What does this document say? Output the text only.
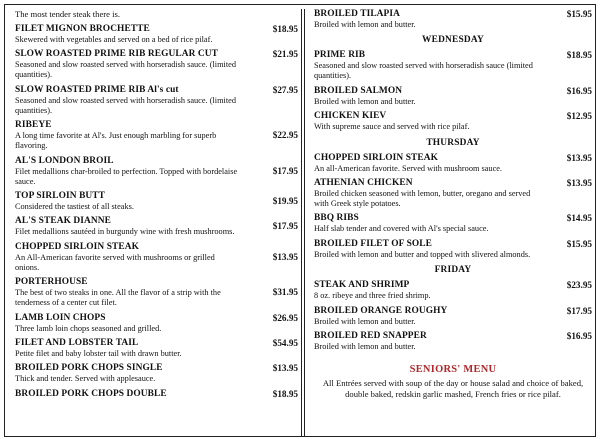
The most tender steak there is.
FILET MIGNON BROCHETTE	$18.95
Skewered with vegetables and served on a bed of rice pilaf.
SLOW ROASTED PRIME RIB REGULAR CUT	$21.95
Seasoned and slow roasted served with horseradish sauce. (limited quantities).
SLOW ROASTED PRIME RIB Al's cut	$27.95
Seasoned and slow roasted served with horseradish sauce. (limited quantities).
RIBEYE
A long time favorite at Al's. Just enough marbling for superb flavoring.
$22.95
AL'S LONDON BROIL
Filet medallions char-broiled to perfection. Topped with bordelaise sauce.
$17.95
TOP SIRLOIN BUTT
Considered the tastiest of all steaks.
$19.95
AL'S STEAK DIANNE
Filet medallions sautéed in burgundy wine with fresh mushrooms.
$17.95
CHOPPED SIRLOIN STEAK
An All-American favorite served with mushrooms or grilled onions.
$13.95
PORTERHOUSE
The best of two steaks in one. All the flavor of a strip with the tenderness of a center cut filet.
$31.95
LAMB LOIN CHOPS	$26.95
Three lamb loin chops seasoned and grilled.
FILET AND LOBSTER TAIL	$54.95
Petite filet and baby lobster tail with drawn butter.
BROILED PORK CHOPS SINGLE	$13.95
Thick and tender. Served with applesauce.
BROILED PORK CHOPS DOUBLE	$18.95
BROILED TILAPIA	$15.95
Broiled with lemon and butter.
WEDNESDAY
PRIME RIB	$18.95
Seasoned and slow roasted served with horseradish sauce (limited quantities).
BROILED SALMON	$16.95
Broiled with lemon and butter.
CHICKEN KIEV	$12.95
With supreme sauce and served with rice pilaf.
THURSDAY
CHOPPED SIRLOIN STEAK	$13.95
An all-American favorite. Served with mushroom sauce.
ATHENIAN CHICKEN	$13.95
Broiled chicken seasoned with lemon, butter, oregano and served with Greek style potatoes.
BBQ RIBS	$14.95
Half slab tender and covered with Al's special sauce.
BROILED FILET OF SOLE	$15.95
Broiled with lemon and butter and topped with slivered almonds.
FRIDAY
STEAK AND SHRIMP	$23.95
8 oz. ribeye and three fried shrimp.
BROILED ORANGE ROUGHY	$17.95
Broiled with lemon and butter.
BROILED RED SNAPPER	$16.95
Broiled with lemon and butter.
SENIORS' MENU
All Entrées served with soup of the day or house salad and choice of baked, double baked, redskin garlic mashed, French fries or rice pilaf.
